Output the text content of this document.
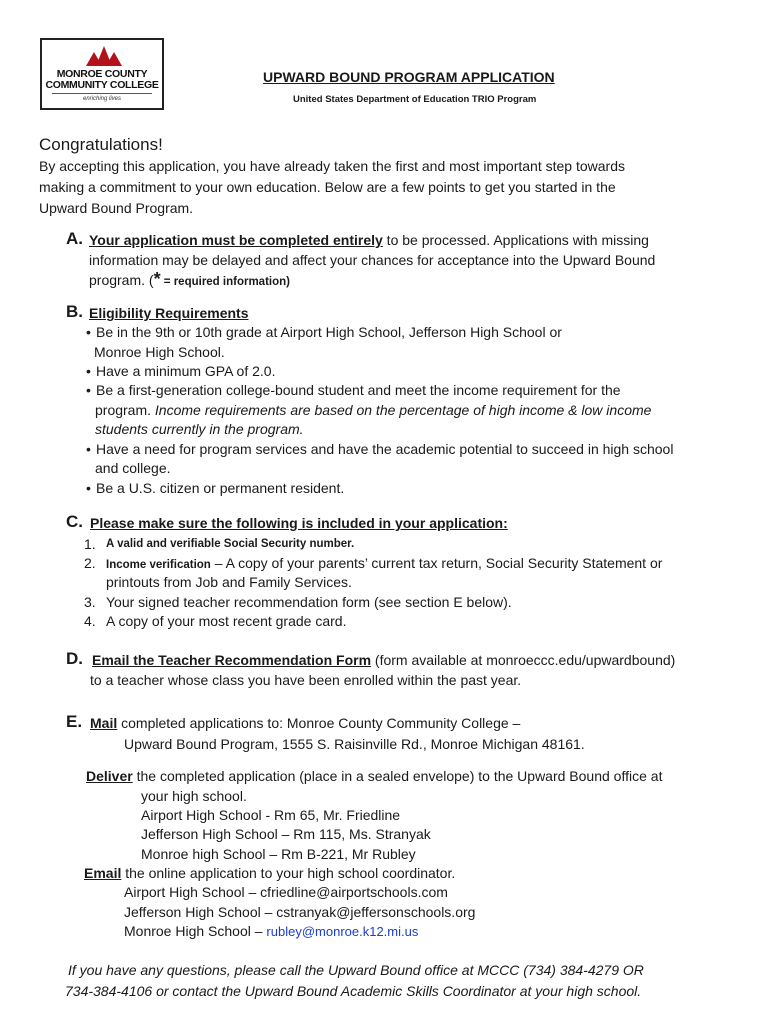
MONROE COUNTY
COMMUNITY COLLEGE
enriching lives
UPWARD BOUND PROGRAM APPLICATION
United States Department of Education TRIO Program
Congratulations!
By accepting this application, you have already taken the first and most important step towards
making a commitment to your own education. Below are a few points to get you started in the
Upward Bound Program.
A. Your application must be completed entirely to be processed. Applications with missing
information may be delayed and affect your chances for acceptance into the Upward Bound
program. (* = required information)
B. Eligibility Requirements
• Be in the 9th or 10th grade at Airport High School, Jefferson High School or
Monroe High School.
• Have a minimum GPA of 2.0.
• Be a first-generation college-bound student and meet the income requirement for the
program. Income requirements are based on the percentage of high income & low income
students currently in the program.
• Have a need for program services and have the academic potential to succeed in high school
and college.
• Be a U.S. citizen or permanent resident.
C. Please make sure the following is included in your application:
1. A valid and verifiable Social Security number.
2. Income verification – A copy of your parents’ current tax return, Social Security Statement or
printouts from Job and Family Services.
3. Your signed teacher recommendation form (see section E below).
4. A copy of your most recent grade card.
D. Email the Teacher Recommendation Form (form available at monroeccc.edu/upwardbound)
to a teacher whose class you have been enrolled within the past year.
E. Mail completed applications to: Monroe County Community College –
Upward Bound Program, 1555 S. Raisinville Rd., Monroe Michigan 48161.
Deliver the completed application (place in a sealed envelope) to the Upward Bound office at
your high school.
Airport High School - Rm 65, Mr. Friedline
Jefferson High School – Rm 115, Ms. Stranyak
Monroe high School – Rm B-221, Mr Rubley
Email the online application to your high school coordinator.
Airport High School – cfriedline@airportschools.com
Jefferson High School – cstranyak@jeffersonschools.org
Monroe High School – rubley@monroe.k12.mi.us
If you have any questions, please call the Upward Bound office at MCCC (734) 384-4279 OR
734-384-4106 or contact the Upward Bound Academic Skills Coordinator at your high school.
